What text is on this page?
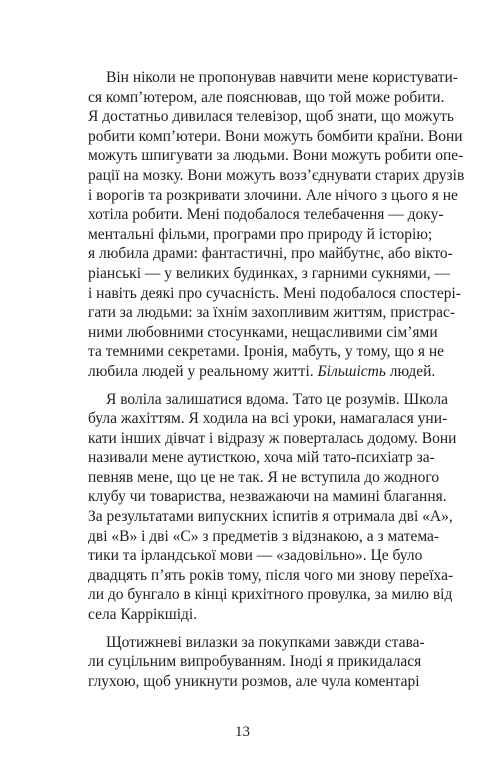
Він ніколи не пропонував навчити мене користувати-
ся комп’ютером, але пояснював, що той може робити.
Я достатньо дивилася телевізор, щоб знати, що можуть
робити комп’ютери. Вони можуть бомбити країни. Вони
можуть шпигувати за людьми. Вони можуть робити опе-
рації на мозку. Вони можуть возз’єднувати старих друзів
і ворогів та розкривати злочини. Але нічого з цього я не
хотіла робити. Мені подобалося телебачення — доку-
ментальні фільми, програми про природу й історію;
я любила драми: фантастичні, про майбутнє, або вікто-
ріанські — у великих будинках, з гарними сукнями, —
і навіть деякі про сучасність. Мені подобалося спостері-
гати за людьми: за їхнім захопливим життям, пристрас-
ними любовними стосунками, нещасливими сім’ями
та темними секретами. Іронія, мабуть, у тому, що я не
любила людей у реальному житті. Більшість людей.
Я воліла залишатися вдома. Тато це розумів. Школа
була жахіттям. Я ходила на всі уроки, намагалася уни-
кати інших дівчат і відразу ж поверталась додому. Вони
називали мене аутисткою, хоча мій тато-психіатр за-
певняв мене, що це не так. Я не вступила до жодного
клубу чи товариства, незважаючи на мамині благання.
За результатами випускних іспитів я отримала дві «А»,
дві «В» і дві «С» з предметів з відзнакою, а з матема-
тики та ірландської мови — «задовільно». Це було
двадцять п’ять років тому, після чого ми знову переїха-
ли до бунгало в кінці крихітного провулка, за милю від
села Каррікшіді.
Щотижневі вилазки за покупками завжди става-
ли суцільним випробуванням. Іноді я прикидалася
глухою, щоб уникнути розмов, але чула коментарі
13
